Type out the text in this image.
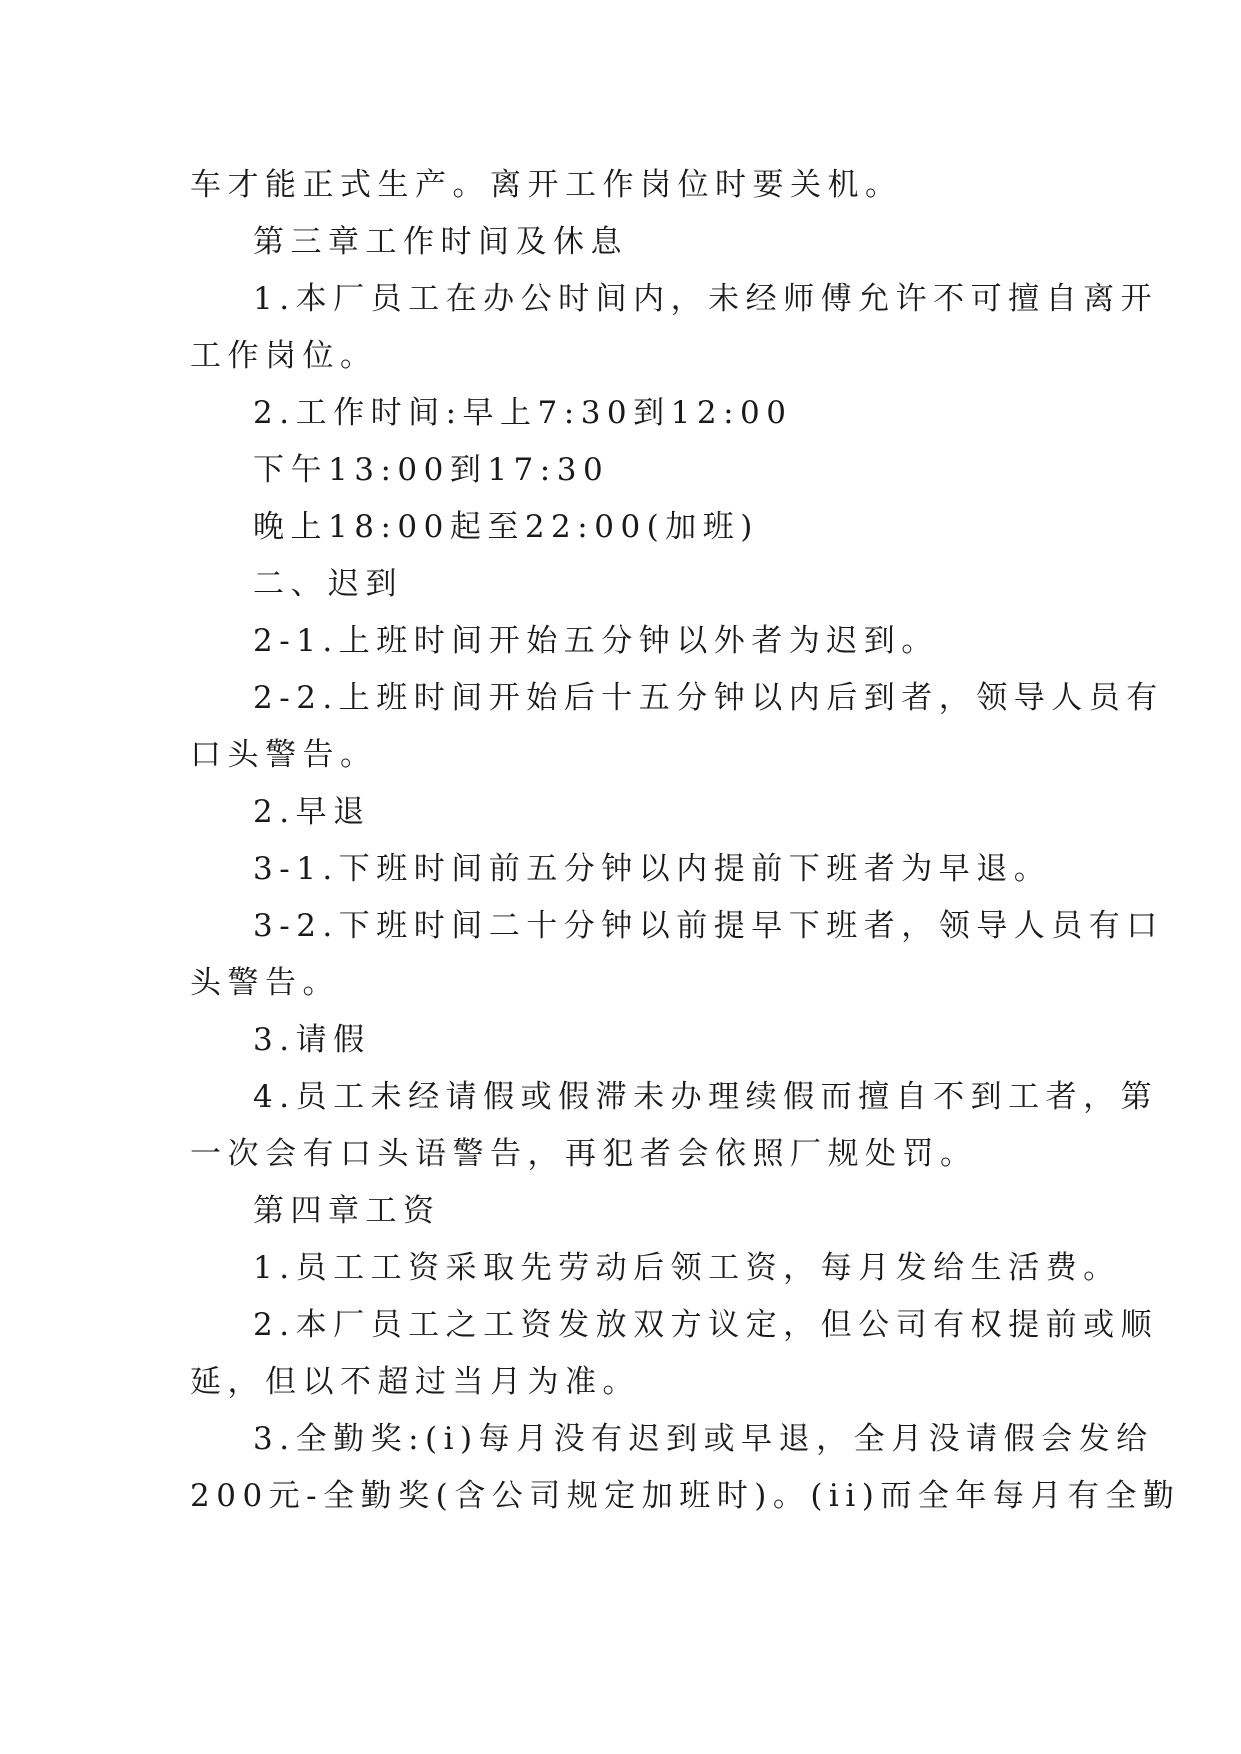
车才能正式生产。离开工作岗位时要关机。
第三章工作时间及休息
1.本厂员工在办公时间内，未经师傅允许不可擅自离开
工作岗位。
2.工作时间:早上7:30到12:00
下午13:00到17:30
晚上18:00起至22:00(加班)
二、迟到
2-1.上班时间开始五分钟以外者为迟到。
2-2.上班时间开始后十五分钟以内后到者，领导人员有
口头警告。
2.早退
3-1.下班时间前五分钟以内提前下班者为早退。
3-2.下班时间二十分钟以前提早下班者，领导人员有口
头警告。
3.请假
4.员工未经请假或假滞未办理续假而擅自不到工者，第
一次会有口头语警告，再犯者会依照厂规处罚。
第四章工资
1.员工工资采取先劳动后领工资，每月发给生活费。
2.本厂员工之工资发放双方议定，但公司有权提前或顺
延，但以不超过当月为准。
3.全勤奖:(i)每月没有迟到或早退，全月没请假会发给
200元-全勤奖(含公司规定加班时)。(ii)而全年每月有全勤
